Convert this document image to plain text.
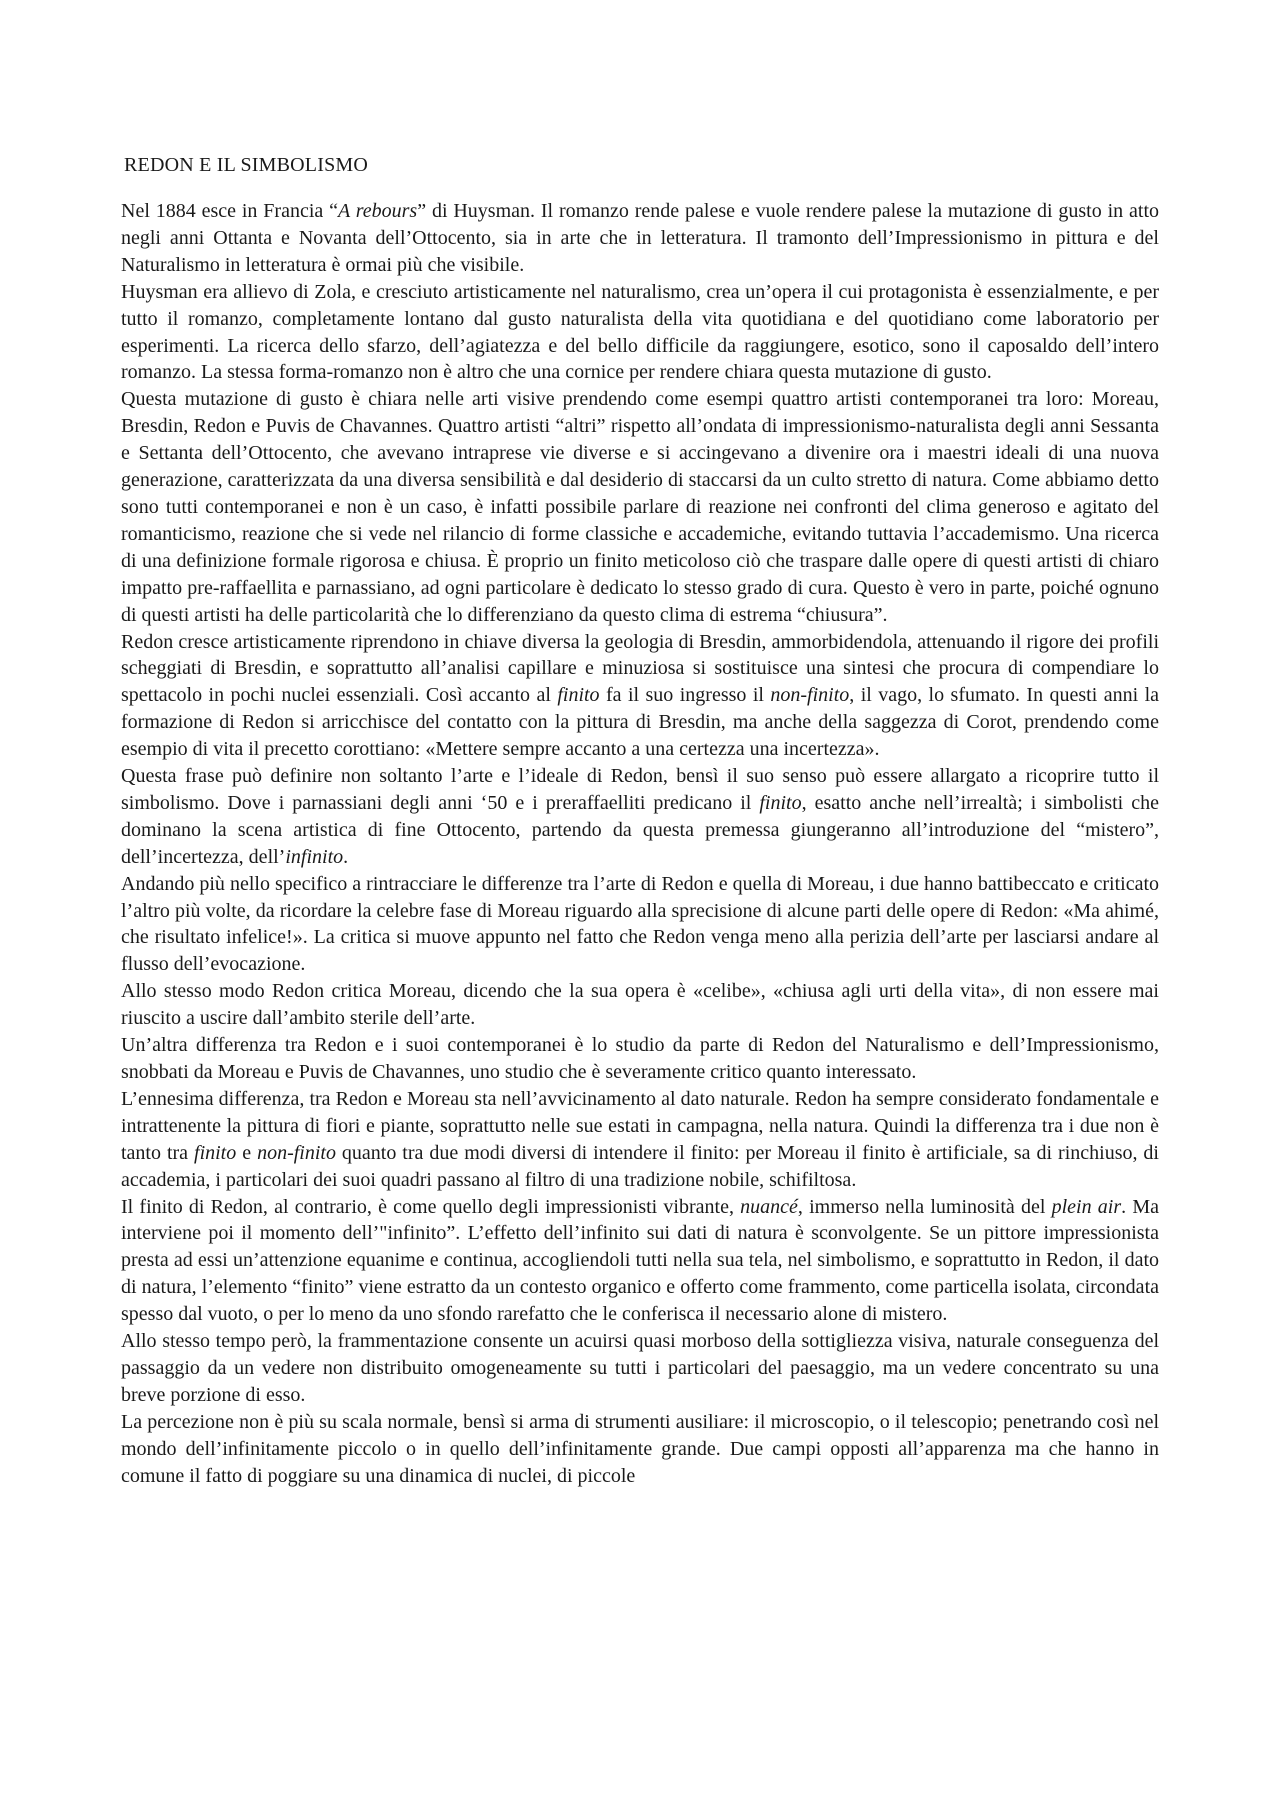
REDON E IL SIMBOLISMO

Nel 1884 esce in Francia “A rebours” di Huysman. Il romanzo rende palese e vuole rendere palese la mutazione di gusto in atto negli anni Ottanta e Novanta dell’Ottocento, sia in arte che in letteratura. Il tramonto dell’Impressionismo in pittura e del Naturalismo in letteratura è ormai più che visibile.

Huysman era allievo di Zola, e cresciuto artisticamente nel naturalismo, crea un’opera il cui protagonista è essenzialmente, e per tutto il romanzo, completamente lontano dal gusto naturalista della vita quotidiana e del quotidiano come laboratorio per esperimenti. La ricerca dello sfarzo, dell’agiatezza e del bello difficile da raggiungere, esotico, sono il caposaldo dell’intero romanzo. La stessa forma-romanzo non è altro che una cornice per rendere chiara questa mutazione di gusto.

Questa mutazione di gusto è chiara nelle arti visive prendendo come esempi quattro artisti contemporanei tra loro: Moreau, Bresdin, Redon e Puvis de Chavannes. Quattro artisti “altri” rispetto all’ondata di impressionismo-naturalista degli anni Sessanta e Settanta dell’Ottocento, che avevano intraprese vie diverse e si accingevano a divenire ora i maestri ideali di una nuova generazione, caratterizzata da una diversa sensibilità e dal desiderio di staccarsi da un culto stretto di natura. Come abbiamo detto sono tutti contemporanei e non è un caso, è infatti possibile parlare di reazione nei confronti del clima generoso e agitato del romanticismo, reazione che si vede nel rilancio di forme classiche e accademiche, evitando tuttavia l’accademismo. Una ricerca di una definizione formale rigorosa e chiusa. È proprio un finito meticoloso ciò che traspare dalle opere di questi artisti di chiaro impatto pre-raffaellita e parnassiano, ad ogni particolare è dedicato lo stesso grado di cura. Questo è vero in parte, poiché ognuno di questi artisti ha delle particolarità che lo differenziano da questo clima di estrema “chiusura”.

Redon cresce artisticamente riprendono in chiave diversa la geologia di Bresdin, ammorbidendola, attenuando il rigore dei profili scheggiati di Bresdin, e soprattutto all’analisi capillare e minuziosa si sostituisce una sintesi che procura di compendiare lo spettacolo in pochi nuclei essenziali. Così accanto al finito fa il suo ingresso il non-finito, il vago, lo sfumato. In questi anni la formazione di Redon si arricchisce del contatto con la pittura di Bresdin, ma anche della saggezza di Corot, prendendo come esempio di vita il precetto corottiano: «Mettere sempre accanto a una certezza una incertezza».

Questa frase può definire non soltanto l’arte e l’ideale di Redon, bensì il suo senso può essere allargato a ricoprire tutto il simbolismo. Dove i parnassiani degli anni ‘50 e i preraffaelliti predicano il finito, esatto anche nell’irrealtà; i simbolisti che dominano la scena artistica di fine Ottocento, partendo da questa premessa giungeranno all’introduzione del “mistero”, dell’incertezza, dell’infinito.

Andando più nello specifico a rintracciare le differenze tra l’arte di Redon e quella di Moreau, i due hanno battibeccato e criticato l’altro più volte, da ricordare la celebre fase di Moreau riguardo alla sprecisione di alcune parti delle opere di Redon: «Ma ahimé, che risultato infelice!». La critica si muove appunto nel fatto che Redon venga meno alla perizia dell’arte per lasciarsi andare al flusso dell’evocazione.

Allo stesso modo Redon critica Moreau, dicendo che la sua opera è «celibe», «chiusa agli urti della vita», di non essere mai riuscito a uscire dall’ambito sterile dell’arte.

Un’altra differenza tra Redon e i suoi contemporanei è lo studio da parte di Redon del Naturalismo e dell’Impressionismo, snobbati da Moreau e Puvis de Chavannes, uno studio che è severamente critico quanto interessato.

L’ennesima differenza, tra Redon e Moreau sta nell’avvicinamento al dato naturale. Redon ha sempre considerato fondamentale e intrattenente la pittura di fiori e piante, soprattutto nelle sue estati in campagna, nella natura. Quindi la differenza tra i due non è tanto tra finito e non-finito quanto tra due modi diversi di intendere il finito: per Moreau il finito è artificiale, sa di rinchiuso, di accademia, i particolari dei suoi quadri passano al filtro di una tradizione nobile, schifiltosa.

Il finito di Redon, al contrario, è come quello degli impressionisti vibrante, nuancé, immerso nella luminosità del plein air. Ma interviene poi il momento dell’"infinito”. L’effetto dell’infinito sui dati di natura è sconvolgente. Se un pittore impressionista presta ad essi un’attenzione equanime e continua, accogliendoli tutti nella sua tela, nel simbolismo, e soprattutto in Redon, il dato di natura, l’elemento “finito” viene estratto da un contesto organico e offerto come frammento, come particella isolata, circondata spesso dal vuoto, o per lo meno da uno sfondo rarefatto che le conferisca il necessario alone di mistero.

Allo stesso tempo però, la frammentazione consente un acuirsi quasi morboso della sottigliezza visiva, naturale conseguenza del passaggio da un vedere non distribuito omogeneamente su tutti i particolari del paesaggio, ma un vedere concentrato su una breve porzione di esso.

La percezione non è più su scala normale, bensì si arma di strumenti ausiliare: il microscopio, o il telescopio; penetrando così nel mondo dell’infinitamente piccolo o in quello dell’infinitamente grande. Due campi opposti all’apparenza ma che hanno in comune il fatto di poggiare su una dinamica di nuclei, di piccole
